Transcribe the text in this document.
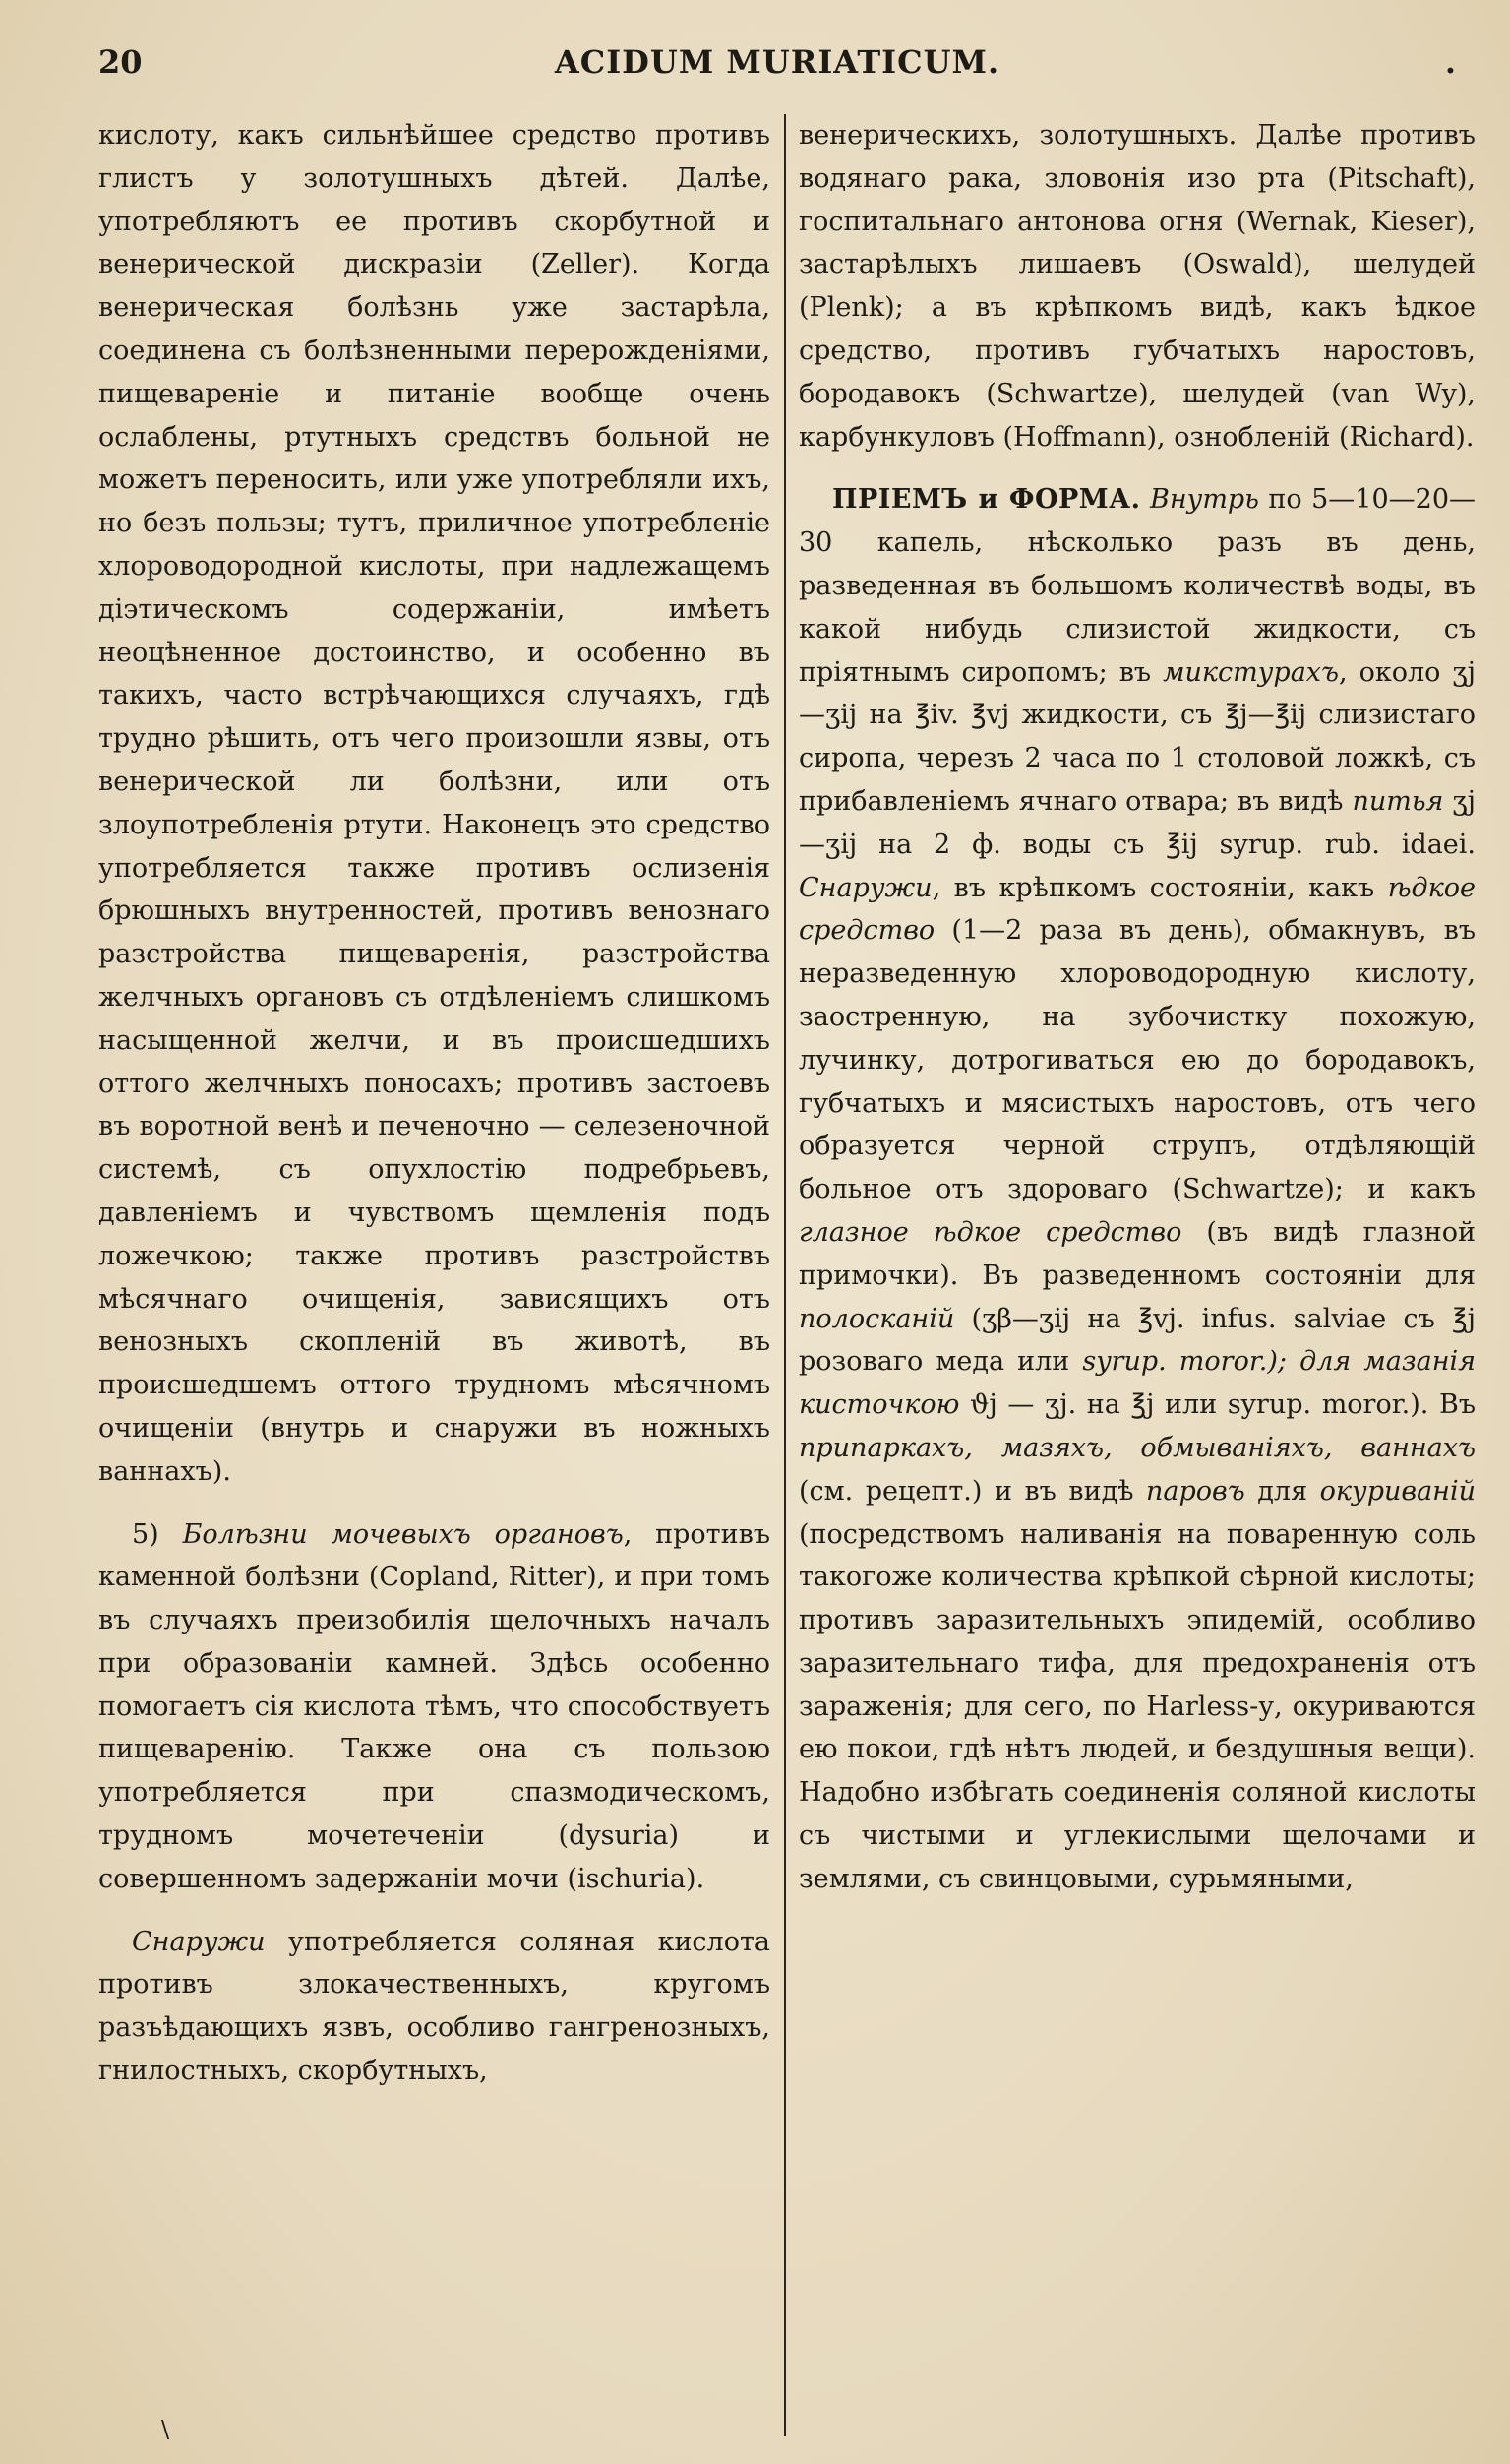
20	ACIDUM MURIATICUM.	.

кислоту, какъ сильнѣйшее средство противъ глистъ у золотушныхъ дѣтей. Далѣе, употребляютъ ее противъ скорбутной и венерической дискразіи (Zeller). Когда венерическая болѣзнь уже застарѣла, соединена съ болѣзненными перерожденіями, пищевареніе и питаніе вообще очень ослаблены, ртутныхъ средствъ больной не можетъ переносить, или уже употребляли ихъ, но безъ пользы; тутъ, приличное употребленіе хлороводородной кислоты, при надлежащемъ діэтическомъ содержаніи, имѣетъ неоцѣненное достоинство, и особенно въ такихъ, часто встрѣчающихся случаяхъ, гдѣ трудно рѣшить, отъ чего произошли язвы, отъ венерической ли болѣзни, или отъ злоупотребленія ртути. Наконецъ это средство употребляется также противъ ослизенія брюшныхъ внутренностей, противъ венознаго разстройства пищеваренія, разстройства желчныхъ органовъ съ отдѣленіемъ слишкомъ насыщенной желчи, и въ происшедшихъ оттого желчныхъ поносахъ; противъ застоевъ въ воротной венѣ и печеночно — селезеночной системѣ, съ опухлостію подребрьевъ, давленіемъ и чувствомъ щемленія подъ ложечкою; также противъ разстройствъ мѣсячнаго очищенія, зависящихъ отъ венозныхъ скопленій въ животѣ, въ происшедшемъ оттого трудномъ мѣсячномъ очищеніи (внутрь и снаружи въ ножныхъ ваннахъ).

5) Болѣзни мочевыхъ органовъ, противъ каменной болѣзни (Copland, Ritter), и при томъ въ случаяхъ преизобилія щелочныхъ началъ при образованіи камней. Здѣсь особенно помогаетъ сія кислота тѣмъ, что способствуетъ пищеваренію. Также она съ пользою употребляется при спазмодическомъ, трудномъ мочетеченіи (dysuria) и совершенномъ задержаніи мочи (ischuria).

Снаружи употребляется соляная кислота противъ злокачественныхъ, кругомъ разъѣдающихъ язвъ, особливо гангренозныхъ, гнилостныхъ, скорбутныхъ,

венерическихъ, золотушныхъ. Далѣе противъ водянаго рака, зловонія изо рта (Pitschaft), госпитальнаго антонова огня (Wernak, Kieser), застарѣлыхъ лишаевъ (Oswald), шелудей (Plenk); а въ крѣпкомъ видѣ, какъ ѣдкое средство, противъ губчатыхъ наростовъ, бородавокъ (Schwartze), шелудей (van Wy), карбункуловъ (Hoffmann), ознобленій (Richard).

ПРІЕМЪ и ФОРМА. Внутрь по 5—10—20—30 капель, нѣсколько разъ въ день, разведенная въ большомъ количествѣ воды, въ какой нибудь слизистой жидкости, съ пріятнымъ сиропомъ; въ микстурахъ, около ʒj—ʒij на ℥iv. ℥vj жидкости, съ ℥j—℥ij слизистаго сиропа, черезъ 2 часа по 1 столовой ложкѣ, съ прибавленіемъ ячнаго отвара; въ видѣ питья ʒj—ʒij на 2 ф. воды съ ℥ij syrup. rub. idaei. Снаружи, въ крѣпкомъ состояніи, какъ ѣдкое средство (1—2 раза въ день), обмакнувъ, въ неразведенную хлороводородную кислоту, заостренную, на зубочистку похожую, лучинку, дотрогиваться ею до бородавокъ, губчатыхъ и мясистыхъ наростовъ, отъ чего образуется черной струпъ, отдѣляющій больное отъ здороваго (Schwartze); и какъ глазное ѣдкое средство (въ видѣ глазной примочки). Въ разведенномъ состояніи для полосканій (ʒβ—ʒij на ℥vj. infus. salviae съ ℥j розоваго меда или syrup. moror.); для мазанія кисточкою ϑj — ʒj. на ℥j или syrup. moror.). Въ припаркахъ, мазяхъ, обмываніяхъ, ваннахъ (см. рецепт.) и въ видѣ паровъ для окуриваній (посредствомъ наливанія на поваренную соль такогоже количества крѣпкой сѣрной кислоты; противъ заразительныхъ эпидемій, особливо заразительнаго тифа, для предохраненія отъ зараженія; для сего, по Harless-у, окуриваются ею покои, гдѣ нѣтъ людей, и бездушныя вещи). Надобно избѣгать соединенія соляной кислоты съ чистыми и углекислыми щелочами и землями, съ свинцовыми, сурьмяными,

\
